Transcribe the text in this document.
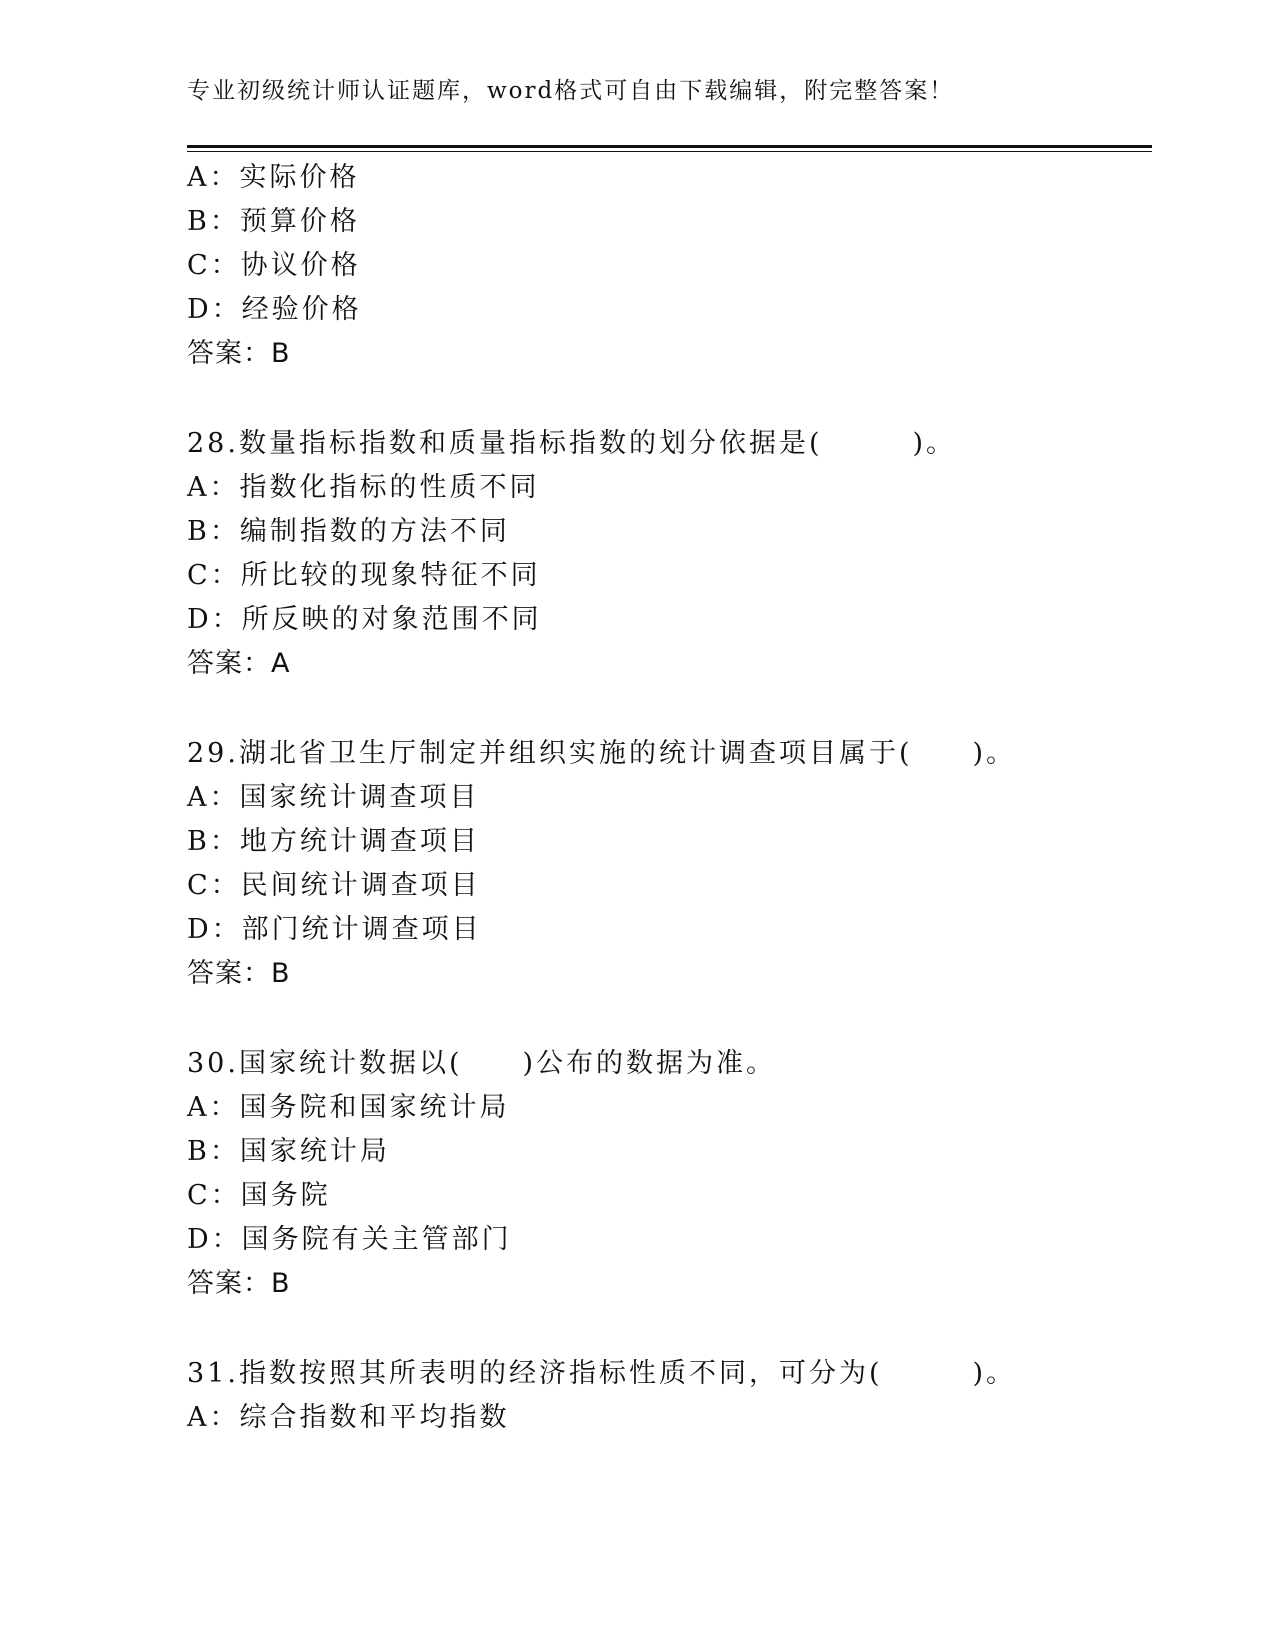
专业初级统计师认证题库，word格式可自由下载编辑，附完整答案！
A：实际价格
B：预算价格
C：协议价格
D：经验价格
答案：B
28.数量指标指数和质量指标指数的划分依据是(　　　)。
A：指数化指标的性质不同
B：编制指数的方法不同
C：所比较的现象特征不同
D：所反映的对象范围不同
答案：A
29.湖北省卫生厅制定并组织实施的统计调查项目属于(　　)。
A：国家统计调查项目
B：地方统计调查项目
C：民间统计调查项目
D：部门统计调查项目
答案：B
30.国家统计数据以(　　)公布的数据为准。
A：国务院和国家统计局
B：国家统计局
C：国务院
D：国务院有关主管部门
答案：B
31.指数按照其所表明的经济指标性质不同，可分为(　　　)。
A：综合指数和平均指数
